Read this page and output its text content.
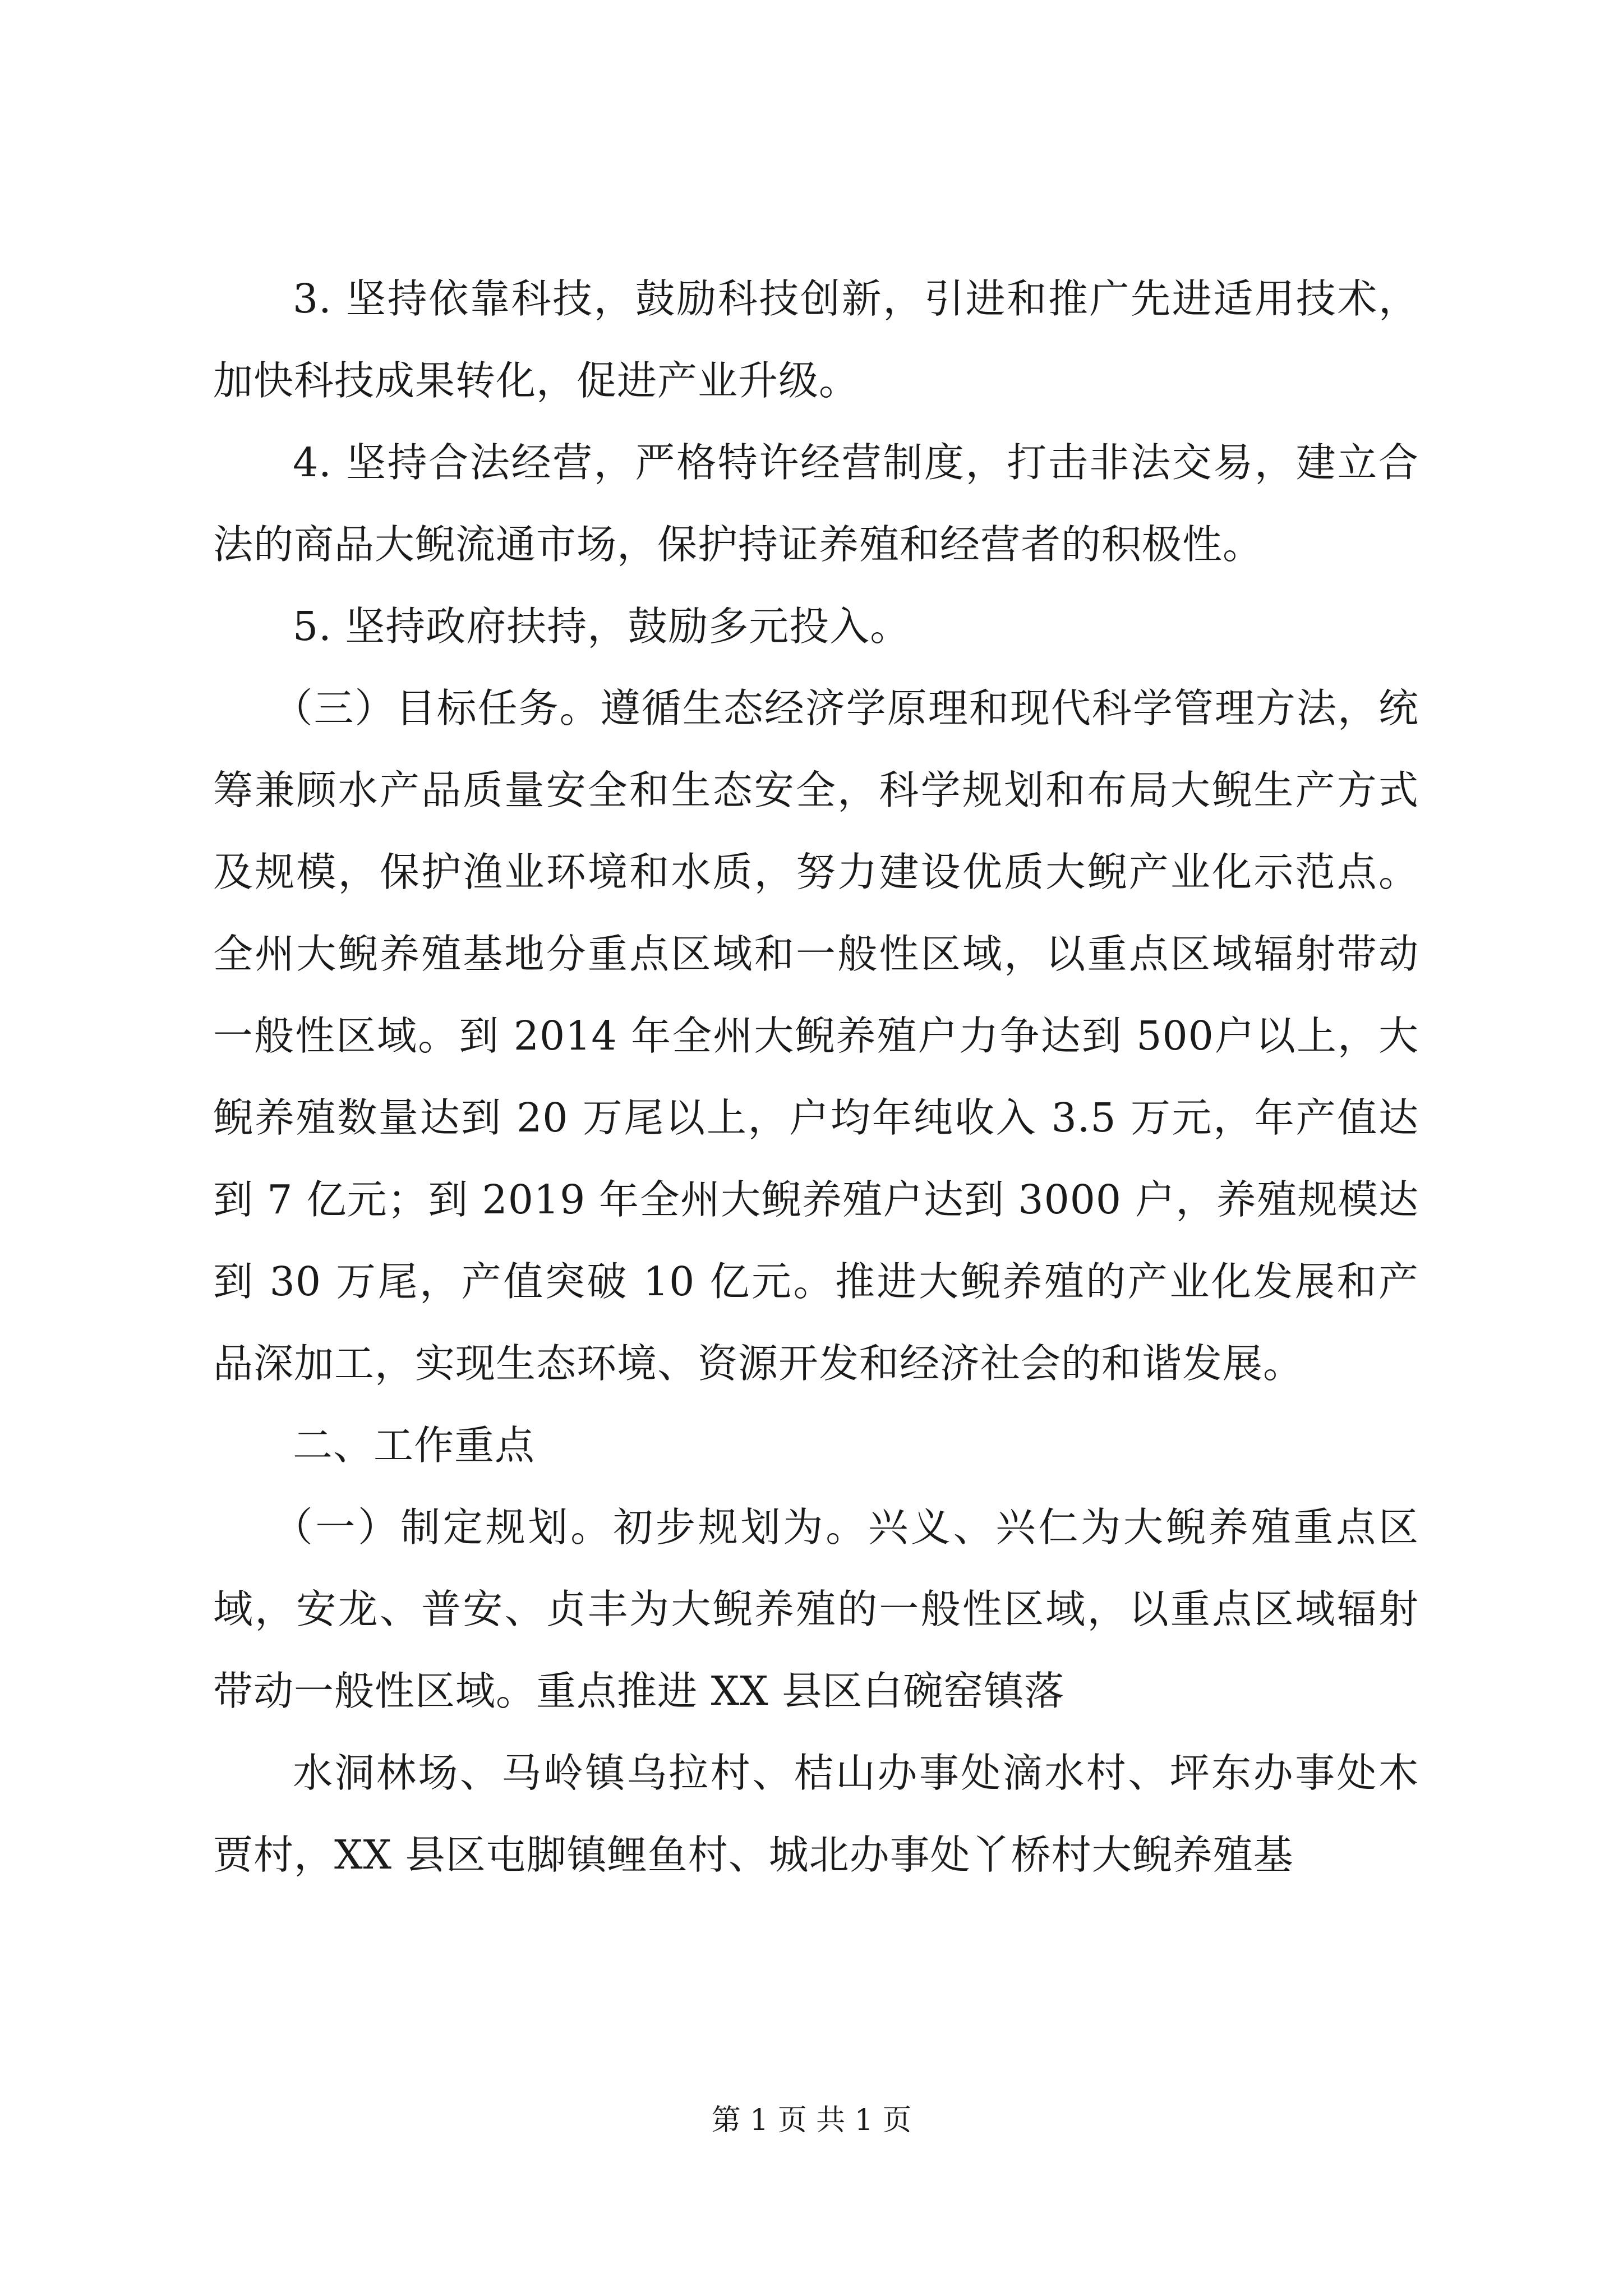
3. 坚持依靠科技，鼓励科技创新，引进和推广先进适用技术，加快科技成果转化，促进产业升级。

4. 坚持合法经营，严格特许经营制度，打击非法交易，建立合法的商品大鲵流通市场，保护持证养殖和经营者的积极性。

5. 坚持政府扶持，鼓励多元投入。

（三）目标任务。遵循生态经济学原理和现代科学管理方法，统筹兼顾水产品质量安全和生态安全，科学规划和布局大鲵生产方式及规模，保护渔业环境和水质，努力建设优质大鲵产业化示范点。全州大鲵养殖基地分重点区域和一般性区域，以重点区域辐射带动一般性区域。到 2014 年全州大鲵养殖户力争达到 500户以上，大鲵养殖数量达到 20 万尾以上，户均年纯收入 3.5 万元，年产值达到 7 亿元；到 2019 年全州大鲵养殖户达到 3000 户，养殖规模达到 30 万尾，产值突破 10 亿元。推进大鲵养殖的产业化发展和产品深加工，实现生态环境、资源开发和经济社会的和谐发展。

二、工作重点

（一）制定规划。初步规划为。兴义、兴仁为大鲵养殖重点区域，安龙、普安、贞丰为大鲵养殖的一般性区域，以重点区域辐射带动一般性区域。重点推进 XX 县区白碗窑镇落

水洞林场、马岭镇乌拉村、桔山办事处滴水村、坪东办事处木贾村，XX 县区屯脚镇鲤鱼村、城北办事处丫桥村大鲵养殖基

第 1 页 共 1 页
